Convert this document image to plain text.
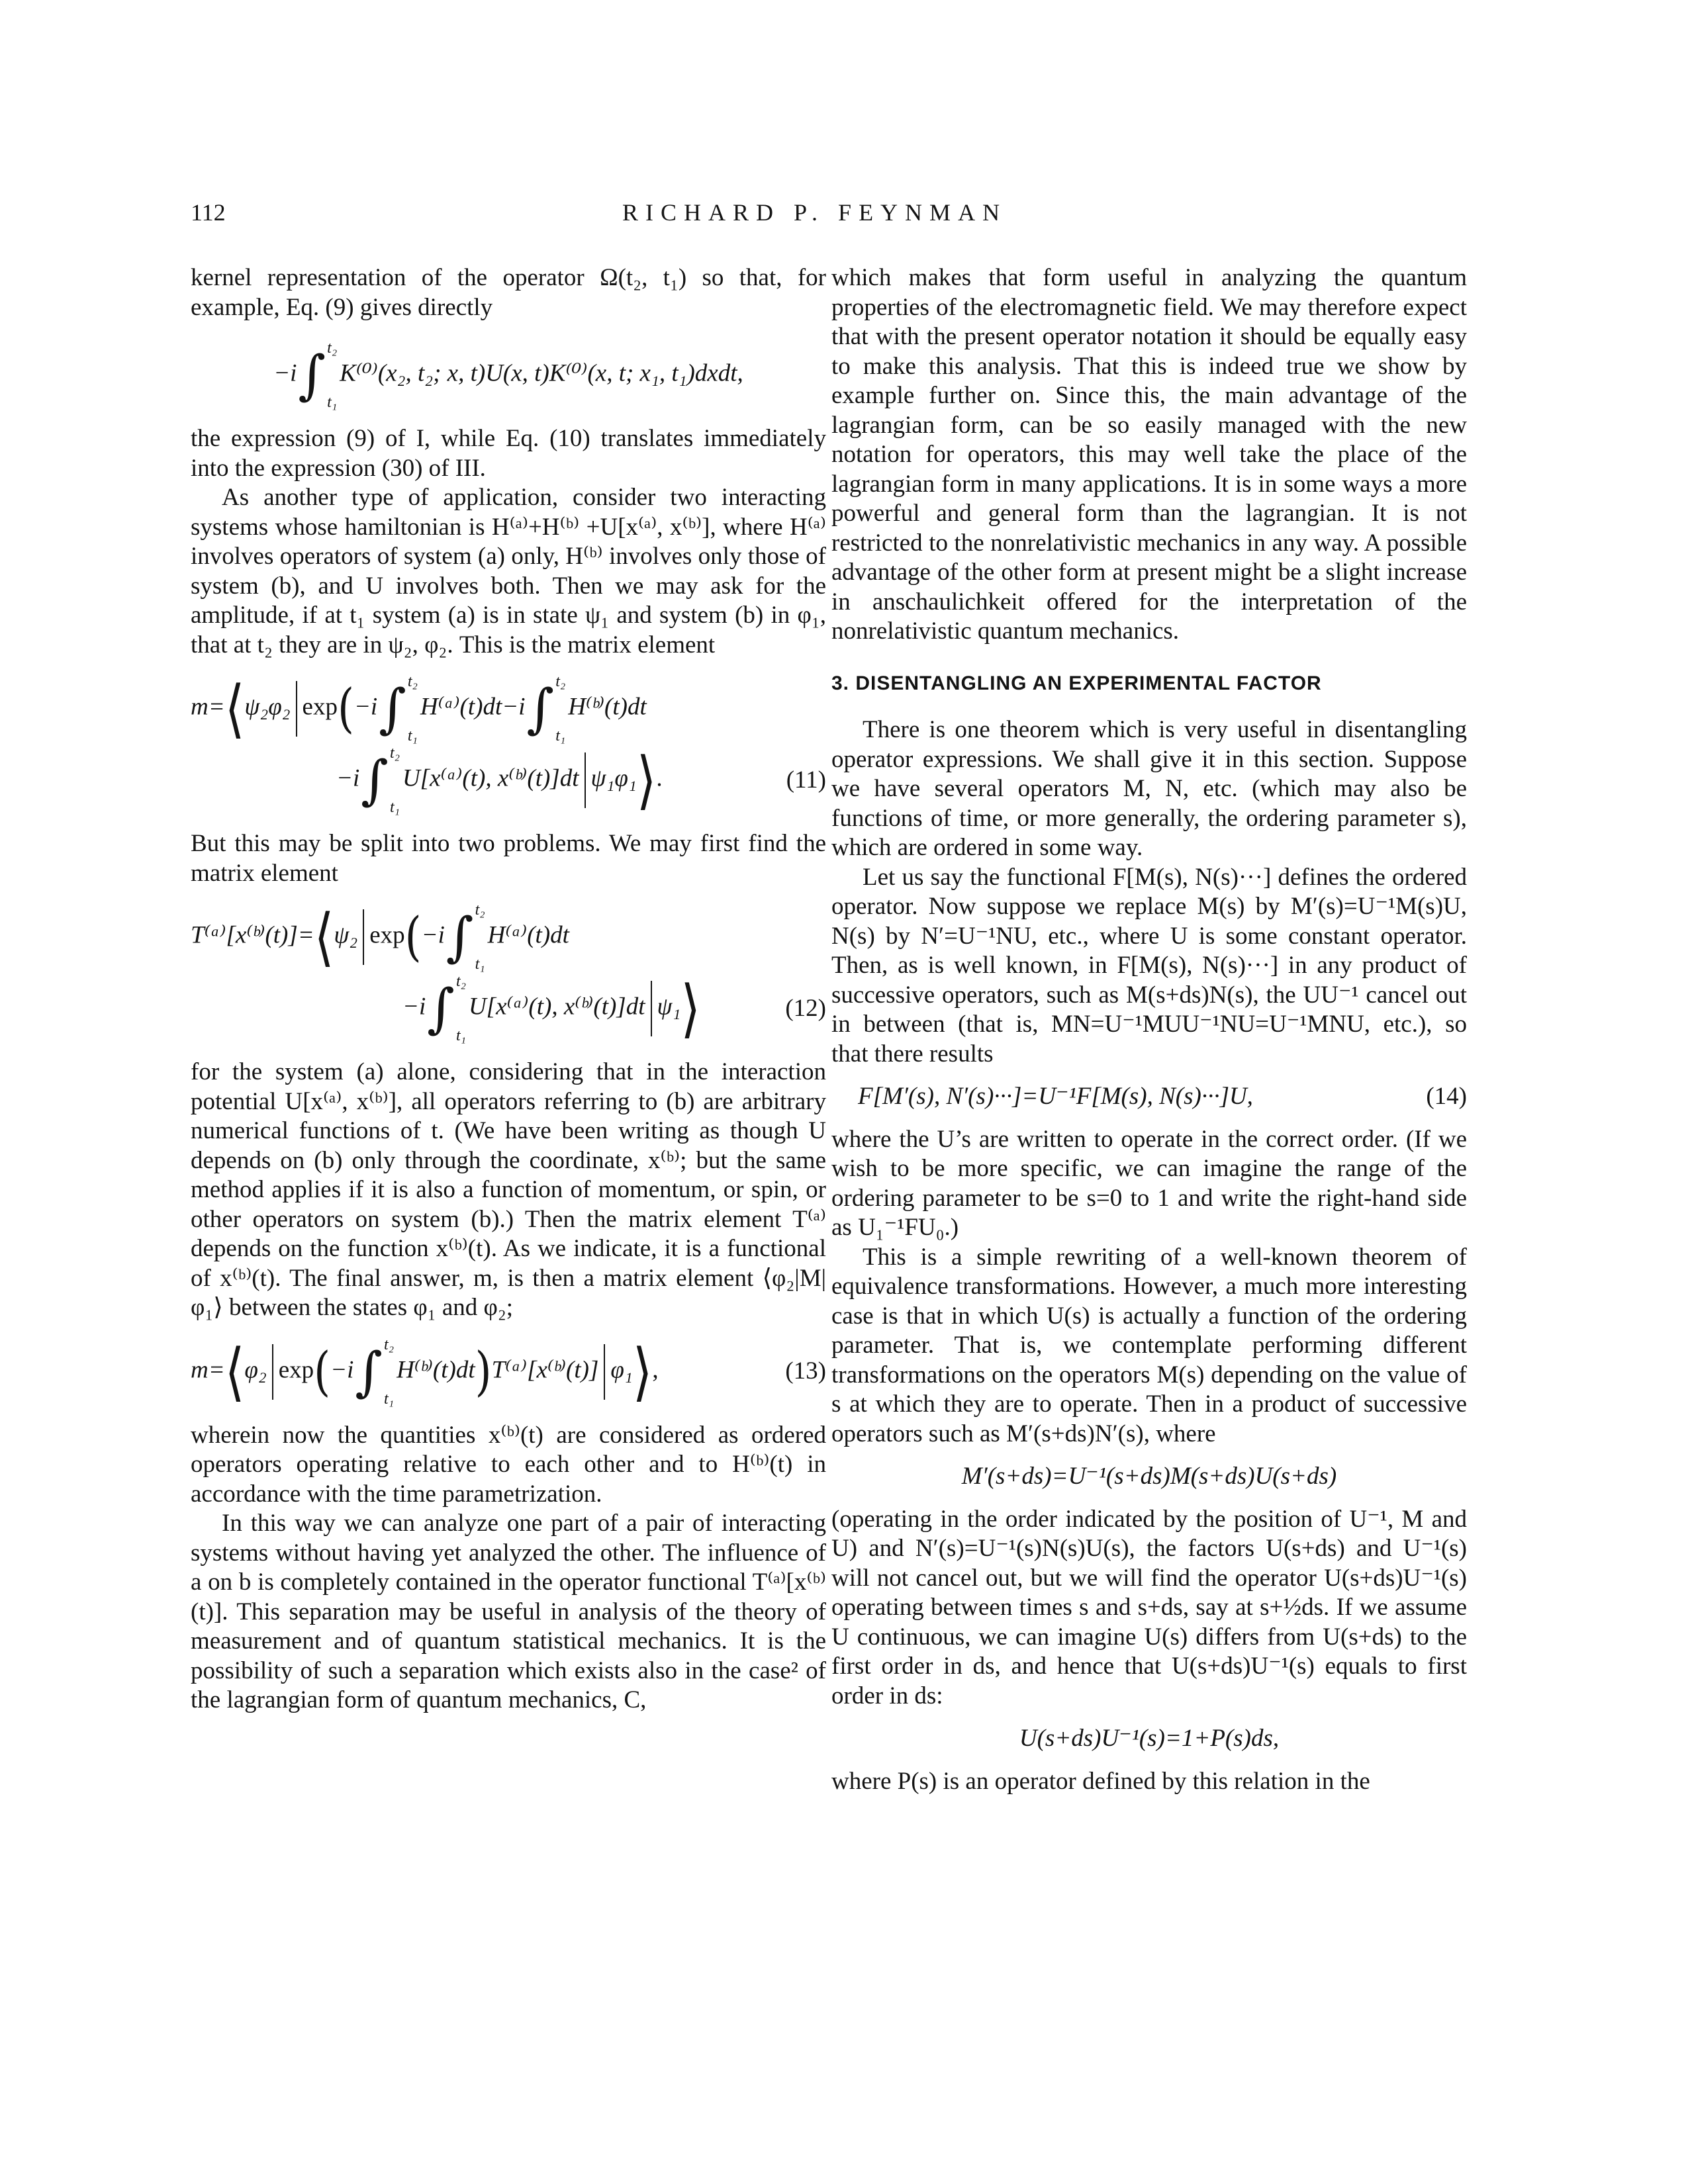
112	RICHARD P. FEYNMAN

kernel representation of the operator Ω(t₂, t₁) so that, for example, Eq. (9) gives directly

−i ∫ t₂
t₁
K⁽⁰⁾(x₂, t₂; x, t)U(x, t)K⁽⁰⁾(x, t; x₁, t₁)dxdt,

the expression (9) of I, while Eq. (10) translates immediately into the expression (30) of III.

As another type of application, consider two interacting systems whose hamiltonian is H⁽ᵃ⁾+H⁽ᵇ⁾ +U[x⁽ᵃ⁾, x⁽ᵇ⁾], where H⁽ᵃ⁾ involves operators of system (a) only, H⁽ᵇ⁾ involves only those of system (b), and U involves both. Then we may ask for the amplitude, if at t₁ system (a) is in state ψ₁ and system (b) in φ₁, that at t₂ they are in ψ₂, φ₂. This is the matrix element

m=⟨ψ₂φ₂ exp(−i ∫ t₂
t₁
H⁽ᵃ⁾(t)dt−i ∫ t₂
t₁
H⁽ᵇ⁾(t)dt
−i ∫ t₂
t₁
U[x⁽ᵃ⁾(t), x⁽ᵇ⁾(t)]dt ψ₁φ₁⟩.	(11)

But this may be split into two problems. We may first find the matrix element

T⁽ᵃ⁾[x⁽ᵇ⁾(t)]=⟨ψ₂ exp(−i ∫ t₂
t₁
H⁽ᵃ⁾(t)dt
−i ∫ t₂
t₁
U[x⁽ᵃ⁾(t), x⁽ᵇ⁾(t)]dt ψ₁⟩	(12)

for the system (a) alone, considering that in the interaction potential U[x⁽ᵃ⁾, x⁽ᵇ⁾], all operators referring to (b) are arbitrary numerical functions of t. (We have been writing as though U depends on (b) only through the coordinate, x⁽ᵇ⁾; but the same method applies if it is also a function of momentum, or spin, or other operators on system (b).) Then the matrix element T⁽ᵃ⁾ depends on the function x⁽ᵇ⁾(t). As we indicate, it is a functional of x⁽ᵇ⁾(t). The final answer, m, is then a matrix element ⟨φ₂|M|φ₁⟩ between the states φ₁ and φ₂;

m=⟨φ₂ exp(−i ∫ t₂
t₁
H⁽ᵇ⁾(t)dt)T⁽ᵃ⁾[x⁽ᵇ⁾(t)] φ₁⟩,	(13)

wherein now the quantities x⁽ᵇ⁾(t) are considered as ordered operators operating relative to each other and to H⁽ᵇ⁾(t) in accordance with the time parametrization.

In this way we can analyze one part of a pair of interacting systems without having yet analyzed the other. The influence of a on b is completely contained in the operator functional T⁽ᵃ⁾[x⁽ᵇ⁾(t)]. This separation may be useful in analysis of the theory of measurement and of quantum statistical mechanics. It is the possibility of such a separation which exists also in the case² of the lagrangian form of quantum mechanics, C,

which makes that form useful in analyzing the quantum properties of the electromagnetic field. We may therefore expect that with the present operator notation it should be equally easy to make this analysis. That this is indeed true we show by example further on. Since this, the main advantage of the lagrangian form, can be so easily managed with the new notation for operators, this may well take the place of the lagrangian form in many applications. It is in some ways a more powerful and general form than the lagrangian. It is not restricted to the nonrelativistic mechanics in any way. A possible advantage of the other form at present might be a slight increase in anschaulichkeit offered for the interpretation of the nonrelativistic quantum mechanics.

3. DISENTANGLING AN EXPERIMENTAL FACTOR

There is one theorem which is very useful in disentangling operator expressions. We shall give it in this section. Suppose we have several operators M, N, etc. (which may also be functions of time, or more generally, the ordering parameter s), which are ordered in some way.

Let us say the functional F[M(s), N(s)···] defines the ordered operator. Now suppose we replace M(s) by M′(s)=U⁻¹M(s)U, N(s) by N′=U⁻¹NU, etc., where U is some constant operator. Then, as is well known, in F[M(s), N(s)···] in any product of successive operators, such as M(s+ds)N(s), the UU⁻¹ cancel out in between (that is, MN=U⁻¹MUU⁻¹NU=U⁻¹MNU, etc.), so that there results

F[M′(s), N′(s)···]=U⁻¹F[M(s), N(s)···]U,	(14)

where the U’s are written to operate in the correct order. (If we wish to be more specific, we can imagine the range of the ordering parameter to be s=0 to 1 and write the right-hand side as U₁⁻¹FU₀.)

This is a simple rewriting of a well-known theorem of equivalence transformations. However, a much more interesting case is that in which U(s) is actually a function of the ordering parameter. That is, we contemplate performing different transformations on the operators M(s) depending on the value of s at which they are to operate. Then in a product of successive operators such as M′(s+ds)N′(s), where

M′(s+ds)=U⁻¹(s+ds)M(s+ds)U(s+ds)

(operating in the order indicated by the position of U⁻¹, M and U) and N′(s)=U⁻¹(s)N(s)U(s), the factors U(s+ds) and U⁻¹(s) will not cancel out, but we will find the operator U(s+ds)U⁻¹(s) operating between times s and s+ds, say at s+½ds. If we assume U continuous, we can imagine U(s) differs from U(s+ds) to the first order in ds, and hence that U(s+ds)U⁻¹(s) equals to first order in ds:

U(s+ds)U⁻¹(s)=1+P(s)ds,

where P(s) is an operator defined by this relation in the
